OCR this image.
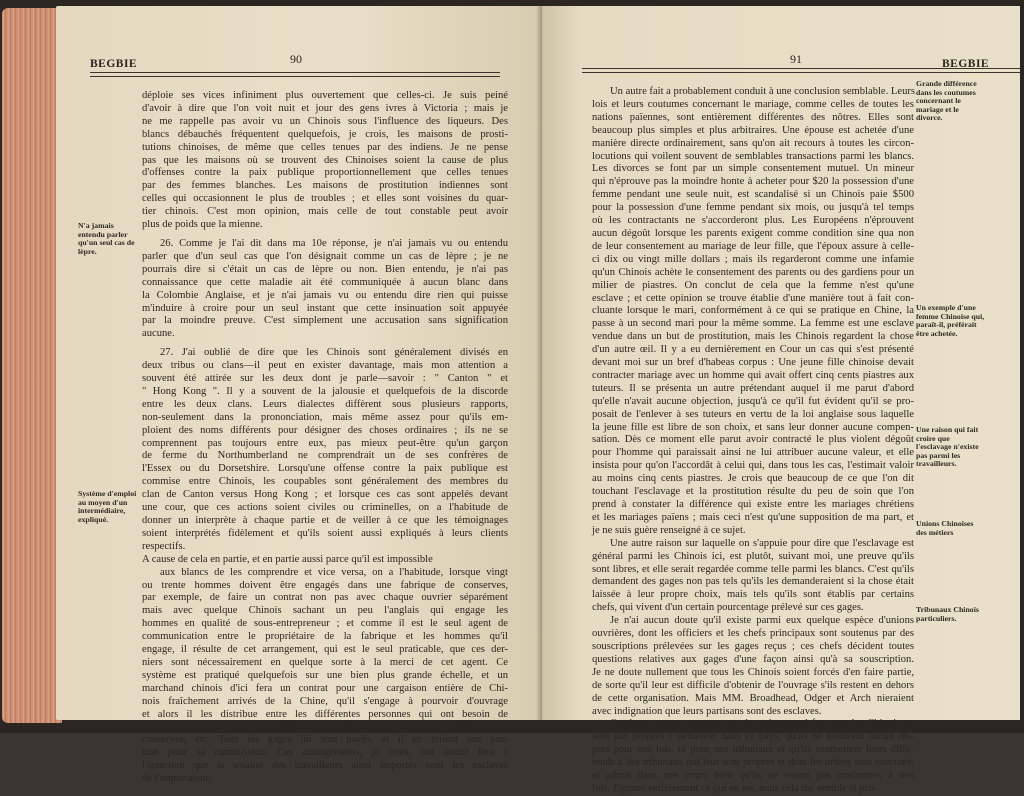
BEGBIE	90
N'a jamais entendu parler qu'un seul cas de lèpre.
Système d'emploi au moyen d'un intermédiaire, expliqué.
déploie ses vices infiniment plus ouvertement que celles-ci. Je suis peiné
d'avoir à dire que l'on voit nuit et jour des gens ivres à Victoria ; mais je
ne me rappelle pas avoir vu un Chinois sous l'influence des liqueurs. Des
blancs débauchés fréquentent quelquefois, je crois, les maisons de prosti-
tutions chinoises, de même que celles tenues par des indiens. Je ne pense
pas que les maisons où se trouvent des Chinoises soient la cause de plus
d'offenses contre la paix publique proportionnellement que celles tenues
par des femmes blanches. Les maisons de prostitution indiennes sont
celles qui occasionnent le plus de troubles ; et elles sont voisines du quar-
tier chinois. C'est mon opinion, mais celle de tout constable peut avoir
plus de poids que la mienne.

26. Comme je l'ai dit dans ma 10e réponse, je n'ai jamais vu ou entendu
parler que d'un seul cas que l'on désignait comme un cas de lèpre ; je ne
pourrais dire si c'était un cas de lèpre ou non. Bien entendu, je n'ai pas
connaissance que cette maladie ait été communiquée à aucun blanc dans
la Colombie Anglaise, et je n'ai jamais vu ou entendu dire rien qui puisse
m'induire à croire pour un seul instant que cette insinuation soit appuyée
par la moindre preuve. C'est simplement une accusation sans signification
aucune.

27. J'ai oublié de dire que les Chinois sont généralement divisés en
deux tribus ou clans—il peut en exister davantage, mais mon attention a
souvent été attirée sur les deux dont je parle—savoir : " Canton " et
" Hong Kong ". Il y a souvent de la jalousie et quelquefois de la discorde
entre les deux clans. Leurs dialectes diffèrent sous plusieurs rapports,
non-seulement dans la prononciation, mais même assez pour qu'ils em-
ploient des noms différents pour désigner des choses ordinaires ; ils ne se
comprennent pas toujours entre eux, pas mieux peut-être qu'un garçon
de ferme du Northumberland ne comprendrait un de ses confrères de
l'Essex ou du Dorsetshire. Lorsqu'une offense contre la paix publique est
commise entre Chinois, les coupables sont généralement des membres du
clan de Canton versus Hong Kong ; et lorsque ces cas sont appelés devant
une cour, que ces actions soient civiles ou criminelles, on a l'habitude de
donner un interprète à chaque partie et de veiller à ce que les témoignages
soient interprétés fidèlement et qu'ils soient aussi expliqués à leurs clients
respectifs.
A cause de cela en partie, et en partie aussi parce qu'il est impossible
aux blancs de les comprendre et vice versa, on a l'habitude, lorsque vingt
ou trente hommes doivent être engagés dans une fabrique de conserves,
par exemple, de faire un contrat non pas avec chaque ouvrier séparément
mais avec quelque Chinois sachant un peu l'anglais qui engage les
hommes en qualité de sous-entrepreneur ; et comme il est le seul agent de
communication entre le propriétaire de la fabrique et les hommes qu'il
engage, il résulte de cet arrangement, qui est le seul praticable, que ces der-
niers sont nécessairement en quelque sorte à la merci de cet agent. Ce
système est pratiqué quelquefois sur une bien plus grande échelle, et un
marchand chinois d'ici fera un contrat pour une cargaison entière de Chi-
nois fraîchement arrivés de la Chine, qu'il s'engage à pourvoir d'ouvrage
et alors il les distribue entre les différentes personnes qui ont besoin de
leurs services, ou sur les chemins en construction, dans les fabriques de
conserves, etc. Tous les gages lui sont payés, et il en retient une por-
tion pour sa commission. Ces arrangements, je crois, ont donné lieu à
l'assertion que la totalité des travailleurs ainsi importés sont les esclaves
de l'importateur.
91	BEGBIE
Un autre fait a probablement conduit à une conclusion semblable. Leurs
lois et leurs coutumes concernant le mariage, comme celles de toutes les
nations païennes, sont entièrement différentes des nôtres. Elles sont
beaucoup plus simples et plus arbitraires. Une épouse est achetée d'une
manière directe ordinairement, sans qu'on ait recours à toutes les circon-
locutions qui voilent souvent de semblables transactions parmi les blancs.
Les divorces se font par un simple consentement mutuel. Un mineur
qui n'éprouve pas la moindre honte à acheter pour $20 la possession d'une
femme pendant une seule nuit, est scandalisé si un Chinois paie $500
pour la possession d'une femme pendant six mois, ou jusqu'à tel temps
où les contractants ne s'accorderont plus. Les Européens n'éprouvent
aucun dégoût lorsque les parents exigent comme condition sine qua non
de leur consentement au mariage de leur fille, que l'époux assure à celle-
ci dix ou vingt mille dollars ; mais ils regarderont comme une infamie
qu'un Chinois achète le consentement des parents ou des gardiens pour un
milier de piastres. On conclut de cela que la femme n'est qu'une
esclave ; et cette opinion se trouve établie d'une manière tout à fait con-
cluante lorsque le mari, conformément à ce qui se pratique en Chine, la
passe à un second mari pour la même somme. La femme est une esclave
vendue dans un but de prostitution, mais les Chinois regardent la chose
d'un autre œil. Il y a eu dernièrement en Cour un cas qui s'est présenté
devant moi sur un bref d'habeas corpus : Une jeune fille chinoise devait
contracter mariage avec un homme qui avait offert cinq cents piastres aux
tuteurs. Il se présenta un autre prétendant auquel il me parut d'abord
qu'elle n'avait aucune objection, jusqu'à ce qu'il fut évident qu'il se pro-
posait de l'enlever à ses tuteurs en vertu de la loi anglaise sous laquelle
la jeune fille est libre de son choix, et sans leur donner aucune compen-
sation. Dès ce moment elle parut avoir contracté le plus violent dégoût
pour l'homme qui paraissait ainsi ne lui attribuer aucune valeur, et elle
insista pour qu'on l'accordât à celui qui, dans tous les cas, l'estimait valoir
au moins cinq cents piastres. Je crois que beaucoup de ce que l'on dit
touchant l'esclavage et la prostitution résulte du peu de soin que l'on
prend à constater la différence qui existe entre les mariages chrétiens
et les mariages païens ; mais ceci n'est qu'une supposition de ma part, et
je ne suis guère renseigné à ce sujet.
Une autre raison sur laquelle on s'appuie pour dire que l'esclavage est
général parmi les Chinois ici, est plutôt, suivant moi, une preuve qu'ils
sont libres, et elle serait regardée comme telle parmi les blancs. C'est qu'ils
demandent des gages non pas tels qu'ils les demanderaient si la chose était
laissée à leur propre choix, mais tels qu'ils sont établis par certains
chefs, qui vivent d'un certain pourcentage prélevé sur ces gages.
Je n'ai aucun doute qu'il existe parmi eux quelque espèce d'unions
ouvrières, dont les officiers et les chefs principaux sont soutenus par des
souscriptions prélevées sur les gages reçus ; ces chefs décident toutes
questions relatives aux gages d'une façon ainsi qu'à sa souscription.
Je ne doute nullement que tous les Chinois soient forcés d'en faire partie,
de sorte qu'il leur est difficile d'obtenir de l'ouvrage s'ils restent en dehors
de cette organisation. Mais MM. Broadhead, Odger et Arch nieraient
avec indignation que leurs partisans sont des esclaves.
On donne encore comme une des raisons qui font que les Chinois ne
sont pas propres à demeurer dans ce pays, qu'ils ne montrent aucun res-
pect pour nos lois, ni pour nos tribunaux et qu'ils soumettent leurs diffé-
rends à des tribunaux qui leur sont propres et dont les ordres sont exécutés,
et admis dans nos cours bien qu'ils ne soient pas conformes à nos
lois. J'ignore entièrement ce qui en est, mais cela me semble si pro-
Grande différence dans les coutumes concernant le mariage et le divorce.
Un exemple d'une femme Chinoise qui, paraît-il, préférait être achetée.
Une raison qui fait croire que l'esclavage n'existe pas parmi les travailleurs.
Unions Chinoises des métiers
Tribunaux Chinois particuliers.
